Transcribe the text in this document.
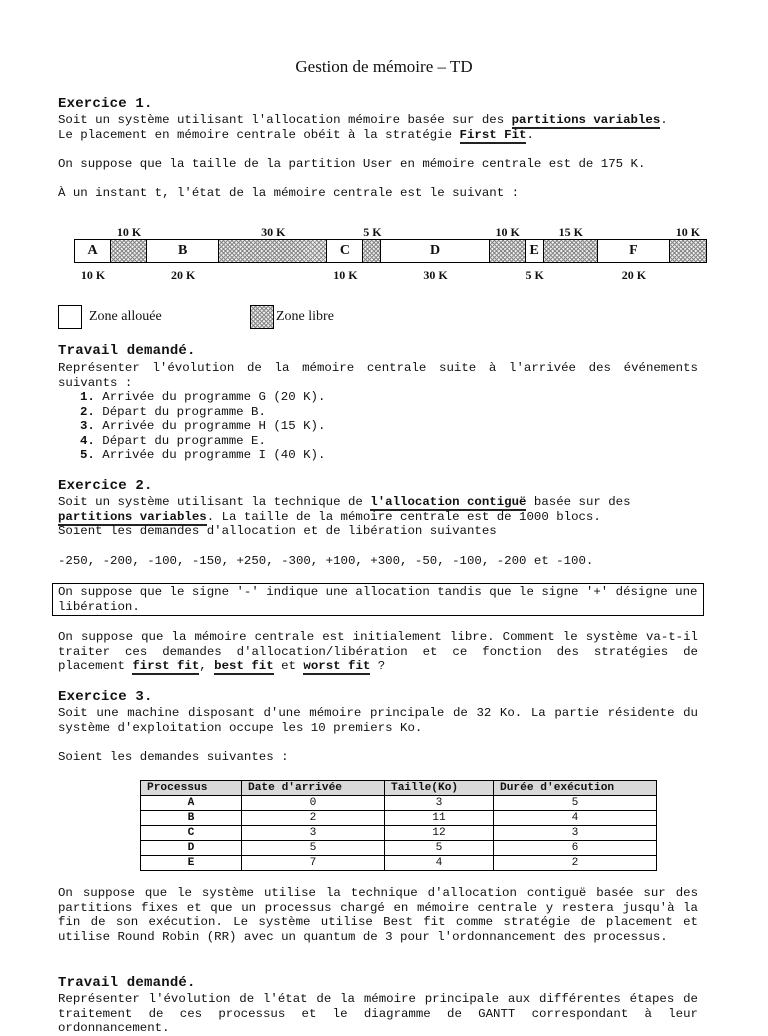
Gestion de mémoire – TD
Exercice 1.
Soit un système utilisant l'allocation mémoire basée sur des partitions variables.
Le placement en mémoire centrale obéit à la stratégie First Fit.
On suppose que la taille de la partition User en mémoire centrale est de 175 K.
À un instant t, l'état de la mémoire centrale est le suivant :
A	B	C	D	E	F
10 K
10 K
20 K
30 K
10 K
5 K
30 K
10 K
5 K
15 K
20 K
10 K
Zone allouée	Zone libre
Travail demandé.
Représenter l'évolution de la mémoire centrale suite à l'arrivée des événements suivants :
1. Arrivée du programme G (20 K).
2. Départ du programme B.
3. Arrivée du programme H (15 K).
4. Départ du programme E.
5. Arrivée du programme I (40 K).
Exercice 2.
Soit un système utilisant la technique de l'allocation contiguë basée sur des
partitions variables. La taille de la mémoire centrale est de 1000 blocs.
Soient les demandes d'allocation et de libération suivantes
-250, -200, -100, -150, +250, -300, +100, +300, -50, -100, -200 et -100.
On suppose que le signe '-' indique une allocation tandis que le signe '+' désigne une libération.
On suppose que la mémoire centrale est initialement libre. Comment le système va-t-il traiter ces demandes d'allocation/libération et ce fonction des stratégies de placement first fit, best fit et worst fit ?
Exercice 3.
Soit une machine disposant d'une mémoire principale de 32 Ko. La partie résidente du système d'exploitation occupe les 10 premiers Ko.
Soient les demandes suivantes :
Processus	Date d'arrivée	Taille(Ko)	Durée d'exécution
A	0	3	5
B	2	11	4
C	3	12	3
D	5	5	6
E	7	4	2
On suppose que le système utilise la technique d'allocation contiguë basée sur des partitions fixes et que un processus chargé en mémoire centrale y restera jusqu'à la fin de son exécution. Le système utilise Best fit comme stratégie de placement et utilise Round Robin (RR) avec un quantum de 3 pour l'ordonnancement des processus.
Travail demandé.
Représenter l'évolution de l'état de la mémoire principale aux différentes étapes de traitement de ces processus et le diagramme de GANTT correspondant à leur ordonnancement.
